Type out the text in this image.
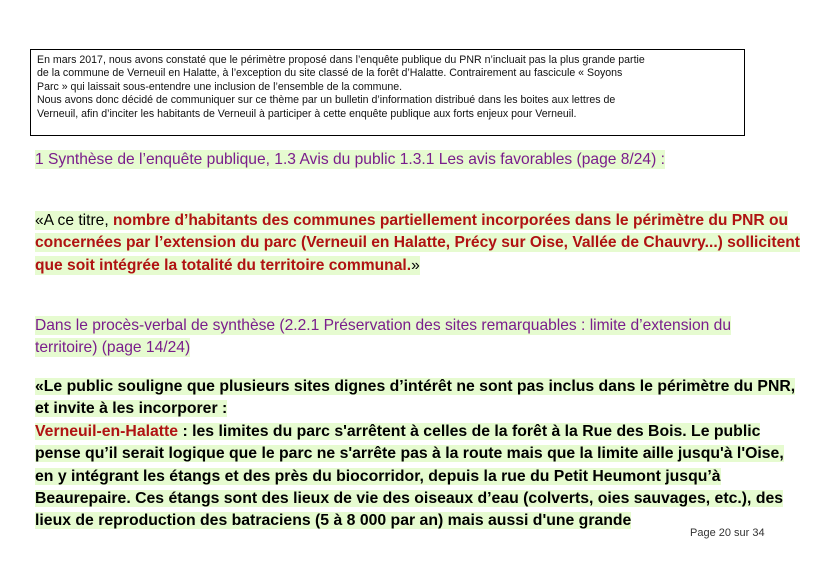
En mars 2017, nous avons constaté que le périmètre proposé dans l’enquête publique du PNR n’incluait pas la plus grande partie

de la commune de Verneuil en Halatte, à l’exception du site classé de la forêt d’Halatte. Contrairement au fascicule « Soyons

Parc » qui laissait sous-entendre une inclusion de l’ensemble de la commune.

Nous avons donc décidé de communiquer sur ce thème par un bulletin d’information distribué dans les boites aux lettres de

Verneuil, afin d’inciter les habitants de Verneuil à participer à cette enquête publique aux forts enjeux pour Verneuil.

1 Synthèse de l’enquête publique, 1.3 Avis du public 1.3.1 Les avis favorables (page 8/24) :
«A ce titre, nombre d’habitants des communes partiellement incorporées dans le périmètre du PNR ou concernées par l’extension du parc (Verneuil en Halatte, Précy sur Oise, Vallée de Chauvry...) sollicitent que soit intégrée la totalité du territoire communal.»
Dans le procès-verbal de synthèse (2.2.1 Préservation des sites remarquables : limite d’extension du territoire) (page 14/24)
«Le public souligne que plusieurs sites dignes d’intérêt ne sont pas inclus dans le périmètre du PNR, et invite à les incorporer :
Verneuil-en-Halatte : les limites du parc s'arrêtent à celles de la forêt à la Rue des Bois. Le public pense qu’il serait logique que le parc ne s'arrête pas à la route mais que la limite aille jusqu'à l'Oise, en y intégrant les étangs et des près du biocorridor, depuis la rue du Petit Heumont jusqu’à Beaurepaire. Ces étangs sont des lieux de vie des oiseaux d’eau (colverts, oies sauvages, etc.), des lieux de reproduction des batraciens (5 à 8 000 par an) mais aussi d'une grande
Page 20 sur 34
